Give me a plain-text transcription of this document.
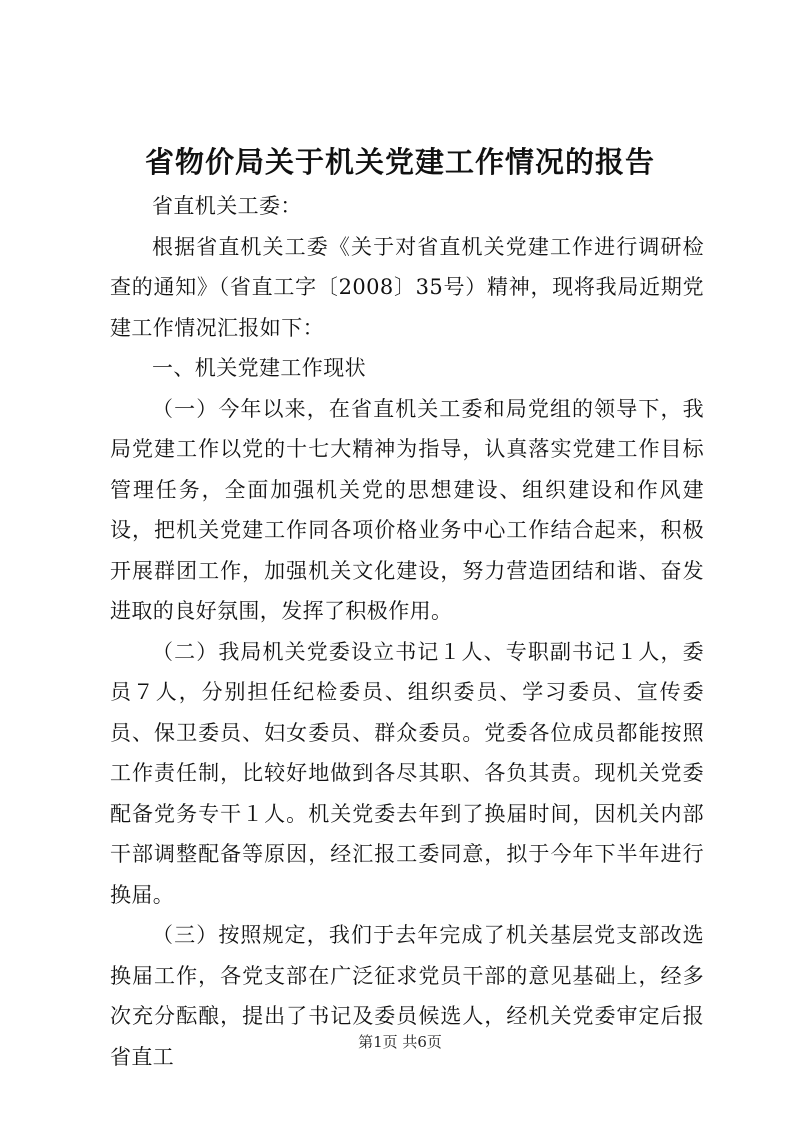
省物价局关于机关党建工作情况的报告

省直机关工委：

根据省直机关工委《关于对省直机关党建工作进行调研检查的通知》（省直工字〔2008〕35号）精神，现将我局近期党建工作情况汇报如下：

一、机关党建工作现状

（一）今年以来，在省直机关工委和局党组的领导下，我局党建工作以党的十七大精神为指导，认真落实党建工作目标管理任务，全面加强机关党的思想建设、组织建设和作风建设，把机关党建工作同各项价格业务中心工作结合起来，积极开展群团工作，加强机关文化建设，努力营造团结和谐、奋发进取的良好氛围，发挥了积极作用。

（二）我局机关党委设立书记１人、专职副书记１人，委员７人，分别担任纪检委员、组织委员、学习委员、宣传委员、保卫委员、妇女委员、群众委员。党委各位成员都能按照工作责任制，比较好地做到各尽其职、各负其责。现机关党委配备党务专干１人。机关党委去年到了换届时间，因机关内部干部调整配备等原因，经汇报工委同意，拟于今年下半年进行换届。

（三）按照规定，我们于去年完成了机关基层党支部改选换届工作，各党支部在广泛征求党员干部的意见基础上，经多次充分酝酿，提出了书记及委员候选人，经机关党委审定后报省直工

第1页 共6页
